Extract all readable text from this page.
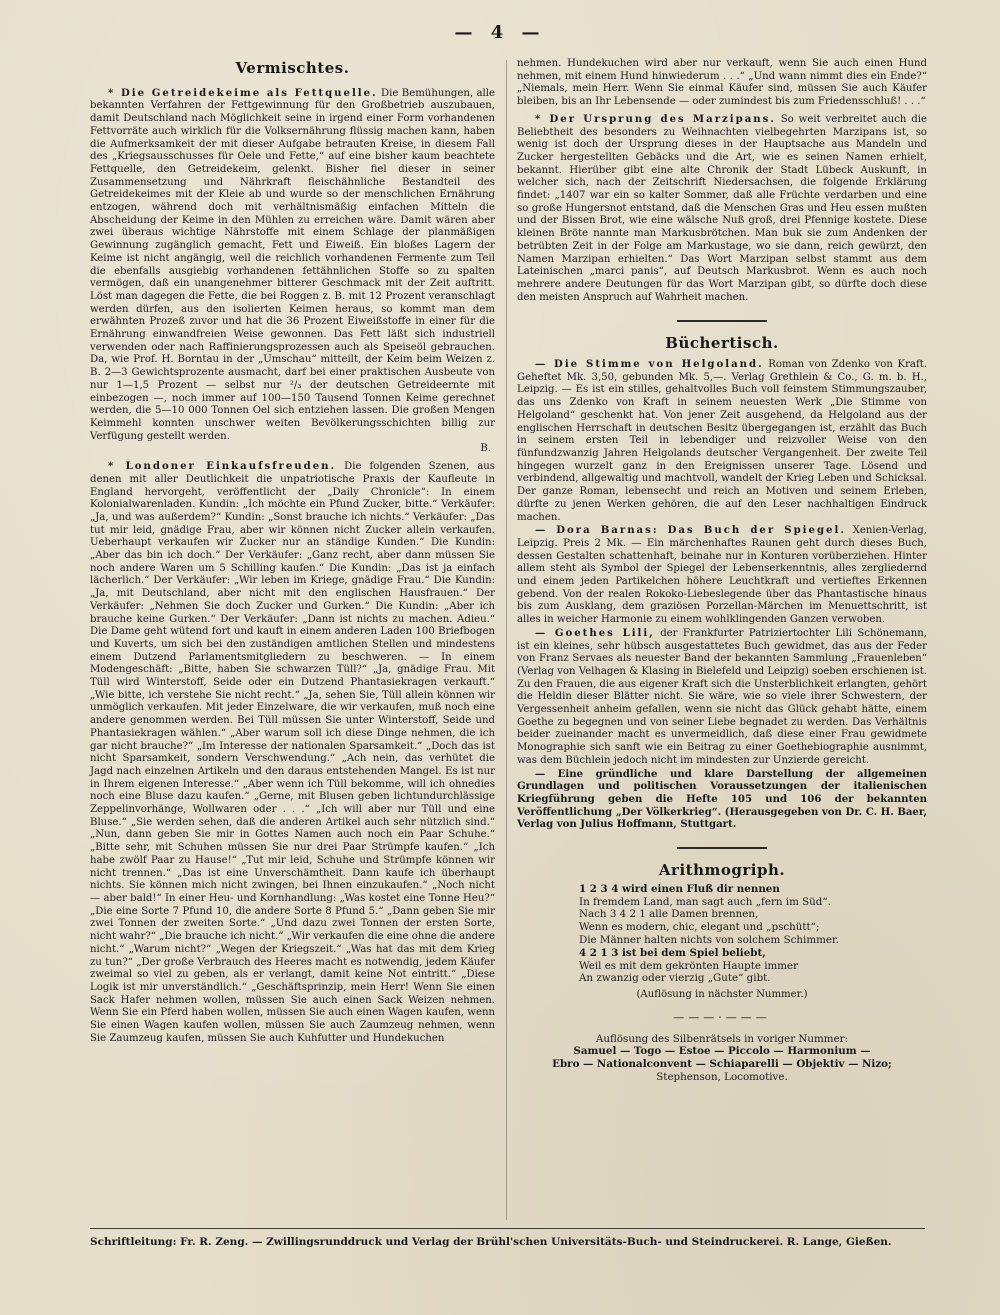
— 4 —
Vermischtes.

* Die Getreidekeime als Fettquelle. Die Bemühungen, alle bekannten Verfahren der Fettgewinnung für den Großbetrieb auszubauen, damit Deutschland nach Möglichkeit seine in irgend einer Form vorhandenen Fettvorräte auch wirklich für die Volksernährung flüssig machen kann, haben die Aufmerksamkeit der mit dieser Aufgabe betrauten Kreise, in diesem Fall des „Kriegsausschusses für Oele und Fette,“ auf eine bisher kaum beachtete Fettquelle, den Getreidekeim, gelenkt. Bisher fiel dieser in seiner Zusammensetzung und Nährkraft fleischähnliche Bestandteil des Getreidekeimes mit der Kleie ab und wurde so der menschlichen Ernährung entzogen, während doch mit verhältnismäßig einfachen Mitteln die Abscheidung der Keime in den Mühlen zu erreichen wäre. Damit wären aber zwei überaus wichtige Nährstoffe mit einem Schlage der planmäßigen Gewinnung zugänglich gemacht, Fett und Eiweiß. Ein bloßes Lagern der Keime ist nicht angängig, weil die reichlich vorhandenen Fermente zum Teil die ebenfalls ausgiebig vorhandenen fettähnlichen Stoffe so zu spalten vermögen, daß ein unangenehmer bitterer Geschmack mit der Zeit auftritt. Löst man dagegen die Fette, die bei Roggen z. B. mit 12 Prozent veranschlagt werden dürfen, aus den isolierten Keimen heraus, so kommt man dem erwähnten Prozeß zuvor und hat die 36 Prozent Eiweißstoffe in einer für die Ernährung einwandfreien Weise gewonnen. Das Fett läßt sich industriell verwenden oder nach Raffinierungsprozessen auch als Speiseöl gebrauchen. Da, wie Prof. H. Borntau in der „Umschau“ mitteilt, der Keim beim Weizen z. B. 2—3 Gewichtsprozente ausmacht, darf bei einer praktischen Ausbeute von nur 1—1,5 Prozent — selbst nur ²/₃ der deutschen Getreideernte mit einbezogen —, noch immer auf 100—150 Tausend Tonnen Keime gerechnet werden, die 5—10 000 Tonnen Oel sich entziehen lassen. Die großen Mengen Keimmehl konnten unschwer weiten Bevölkerungsschichten billig zur Verfügung gestellt werden.

B.

* Londoner Einkaufsfreuden. Die folgenden Szenen, aus denen mit aller Deutlichkeit die unpatriotische Praxis der Kaufleute in England hervorgeht, veröffentlicht der „Daily Chronicle“: In einem Kolonialwarenladen. Kundin: „Ich möchte ein Pfund Zucker, bitte.“ Verkäufer: „Ja, und was außerdem?“ Kundin: „Sonst brauche ich nichts.“ Verkäufer: „Das tut mir leid, gnädige Frau, aber wir können nicht Zucker allein verkaufen. Ueberhaupt verkaufen wir Zucker nur an ständige Kunden.“ Die Kundin: „Aber das bin ich doch.“ Der Verkäufer: „Ganz recht, aber dann müssen Sie noch andere Waren um 5 Schilling kaufen.“ Die Kundin: „Das ist ja einfach lächerlich.“ Der Verkäufer: „Wir leben im Kriege, gnädige Frau.“ Die Kundin: „Ja, mit Deutschland, aber nicht mit den englischen Hausfrauen.“ Der Verkäufer: „Nehmen Sie doch Zucker und Gurken.“ Die Kundin: „Aber ich brauche keine Gurken.“ Der Verkäufer: „Dann ist nichts zu machen. Adieu.“ Die Dame geht wütend fort und kauft in einem anderen Laden 100 Briefbogen und Kuverts, um sich bei den zuständigen amtlichen Stellen und mindestens einem Dutzend Parlamentsmitgliedern zu beschweren. — In einem Modengeschäft: „Bitte, haben Sie schwarzen Tüll?“ „Ja, gnädige Frau. Mit Tüll wird Winterstoff, Seide oder ein Dutzend Phantasiekragen verkauft.“ „Wie bitte, ich verstehe Sie nicht recht.“ „Ja, sehen Sie, Tüll allein können wir unmöglich verkaufen. Mit jeder Einzelware, die wir verkaufen, muß noch eine andere genommen werden. Bei Tüll müssen Sie unter Winterstoff, Seide und Phantasiekragen wählen.“ „Aber warum soll ich diese Dinge nehmen, die ich gar nicht brauche?“ „Im Interesse der nationalen Sparsamkeit.“ „Doch das ist nicht Sparsamkeit, sondern Verschwendung.“ „Ach nein, das verhütet die Jagd nach einzelnen Artikeln und den daraus entstehenden Mangel. Es ist nur in Ihrem eigenen Interesse.“ „Aber wenn ich Tüll bekomme, will ich ohnedies noch eine Bluse dazu kaufen.“ „Gerne, mit Blusen geben lichtundurchlässige Zeppelinvorhänge, Wollwaren oder . . .“ „Ich will aber nur Tüll und eine Bluse.“ „Sie werden sehen, daß die anderen Artikel auch sehr nützlich sind.“ „Nun, dann geben Sie mir in Gottes Namen auch noch ein Paar Schuhe.“ „Bitte sehr, mit Schuhen müssen Sie nur drei Paar Strümpfe kaufen.“ „Ich habe zwölf Paar zu Hause!“ „Tut mir leid, Schuhe und Strümpfe können wir nicht trennen.“ „Das ist eine Unverschämtheit. Dann kaufe ich überhaupt nichts. Sie können mich nicht zwingen, bei Ihnen einzukaufen.“ „Noch nicht — aber bald!“ In einer Heu- und Kornhandlung: „Was kostet eine Tonne Heu?“ „Die eine Sorte 7 Pfund 10, die andere Sorte 8 Pfund 5.“ „Dann geben Sie mir zwei Tonnen der zweiten Sorte.“ „Und dazu zwei Tonnen der ersten Sorte, nicht wahr?“ „Die brauche ich nicht.“ „Wir verkaufen die eine ohne die andere nicht.“ „Warum nicht?“ „Wegen der Kriegszeit.“ „Was hat das mit dem Krieg zu tun?“ „Der große Verbrauch des Heeres macht es notwendig, jedem Käufer zweimal so viel zu geben, als er verlangt, damit keine Not eintritt.“ „Diese Logik ist mir unverständlich.“ „Geschäftsprinzip, mein Herr! Wenn Sie einen Sack Hafer nehmen wollen, müssen Sie auch einen Sack Weizen nehmen. Wenn Sie ein Pferd haben wollen, müssen Sie auch einen Wagen kaufen, wenn Sie einen Wagen kaufen wollen, müssen Sie auch Zaumzeug nehmen, wenn Sie Zaumzeug kaufen, müssen Sie auch Kuhfutter und Hundekuchen

nehmen. Hundekuchen wird aber nur verkauft, wenn Sie auch einen Hund nehmen, mit einem Hund hinwiederum . . .“ „Und wann nimmt dies ein Ende?“ „Niemals, mein Herr. Wenn Sie einmal Käufer sind, müssen Sie auch Käufer bleiben, bis an Ihr Lebensende — oder zumindest bis zum Friedensschluß! . . .“

* Der Ursprung des Marzipans. So weit verbreitet auch die Beliebtheit des besonders zu Weihnachten vielbegehrten Marzipans ist, so wenig ist doch der Ursprung dieses in der Hauptsache aus Mandeln und Zucker hergestellten Gebäcks und die Art, wie es seinen Namen erhielt, bekannt. Hierüber gibt eine alte Chronik der Stadt Lübeck Auskunft, in welcher sich, nach der Zeitschrift Niedersachsen, die folgende Erklärung findet: „1407 war ein so kalter Sommer, daß alle Früchte verdarben und eine so große Hungersnot entstand, daß die Menschen Gras und Heu essen mußten und der Bissen Brot, wie eine wälsche Nuß groß, drei Pfennige kostete. Diese kleinen Bröte nannte man Markusbrötchen. Man buk sie zum Andenken der betrübten Zeit in der Folge am Markustage, wo sie dann, reich gewürzt, den Namen Marzipan erhielten.“ Das Wort Marzipan selbst stammt aus dem Lateinischen „marci panis“, auf Deutsch Markusbrot. Wenn es auch noch mehrere andere Deutungen für das Wort Marzipan gibt, so dürfte doch diese den meisten Anspruch auf Wahrheit machen.

Büchertisch.

— Die Stimme von Helgoland. Roman von Zdenko von Kraft. Geheftet Mk. 3,50, gebunden Mk. 5,—. Verlag Grethlein & Co., G. m. b. H., Leipzig. — Es ist ein stilles, gehaltvolles Buch voll feinstem Stimmungszauber, das uns Zdenko von Kraft in seinem neuesten Werk „Die Stimme von Helgoland“ geschenkt hat. Von jener Zeit ausgehend, da Helgoland aus der englischen Herrschaft in deutschen Besitz übergegangen ist, erzählt das Buch in seinem ersten Teil in lebendiger und reizvoller Weise von den fünfundzwanzig Jahren Helgolands deutscher Vergangenheit. Der zweite Teil hingegen wurzelt ganz in den Ereignissen unserer Tage. Lösend und verbindend, allgewaltig und machtvoll, wandelt der Krieg Leben und Schicksal. Der ganze Roman, lebensecht und reich an Motiven und seinem Erleben, dürfte zu jenen Werken gehören, die auf den Leser nachhaltigen Eindruck machen.

— Dora Barnas: Das Buch der Spiegel. Xenien-Verlag, Leipzig. Preis 2 Mk. — Ein märchenhaftes Raunen geht durch dieses Buch, dessen Gestalten schattenhaft, beinahe nur in Konturen vorüberziehen. Hinter allem steht als Symbol der Spiegel der Lebenserkenntnis, alles zergliedernd und einem jeden Partikelchen höhere Leuchtkraft und vertieftes Erkennen gebend. Von der realen Rokoko-Liebeslegende über das Phantastische hinaus bis zum Ausklang, dem graziösen Porzellan-Märchen im Menuettschritt, ist alles in weicher Harmonie zu einem wohlklingenden Ganzen verwoben.

— Goethes Lili, der Frankfurter Patriziertochter Lili Schönemann, ist ein kleines, sehr hübsch ausgestattetes Buch gewidmet, das aus der Feder von Franz Servaes als neuester Band der bekannten Sammlung „Frauenleben“ (Verlag von Velhagen & Klasing in Bielefeld und Leipzig) soeben erschienen ist. Zu den Frauen, die aus eigener Kraft sich die Unsterblichkeit erlangten, gehört die Heldin dieser Blätter nicht. Sie wäre, wie so viele ihrer Schwestern, der Vergessenheit anheim gefallen, wenn sie nicht das Glück gehabt hätte, einem Goethe zu begegnen und von seiner Liebe begnadet zu werden. Das Verhältnis beider zueinander macht es unvermeidlich, daß diese einer Frau gewidmete Monographie sich sanft wie ein Beitrag zu einer Goethebiographie ausnimmt, was dem Büchlein jedoch nicht im mindesten zur Unzierde gereicht.

— Eine gründliche und klare Darstellung der allgemeinen Grundlagen und politischen Voraussetzungen der italienischen Kriegführung geben die Hefte 105 und 106 der bekannten Veröffentlichung „Der Völkerkrieg“. (Herausgegeben von Dr. C. H. Baer, Verlag von Julius Hoffmann, Stuttgart.

Arithmogriph.
1 2 3 4 wird einen Fluß dir nennen
In fremdem Land, man sagt auch „fern im Süd“.
Nach 3 4 2 1 alle Damen brennen,
Wenn es modern, chic, elegant und „pschütt“;
Die Männer halten nichts von solchem Schimmer.
4 2 1 3 ist bei dem Spiel beliebt,
Weil es mit dem gekrönten Haupte immer
An zwanzig oder vierzig „Gute“ gibt.
(Auflösung in nächster Nummer.)
———·———
Auflösung des Silbenrätsels in voriger Nummer:
Samuel — Togo — Estoe — Piccolo — Harmonium —
Ebro — Nationalconvent — Schiaparelli — Objektiv — Nizo;
Stephenson, Locomotive.
Schriftleitung: Fr. R. Zeng. — Zwillingsrunddruck und Verlag der Brühl'schen Universitäts-Buch- und Steindruckerei. R. Lange, Gießen.
